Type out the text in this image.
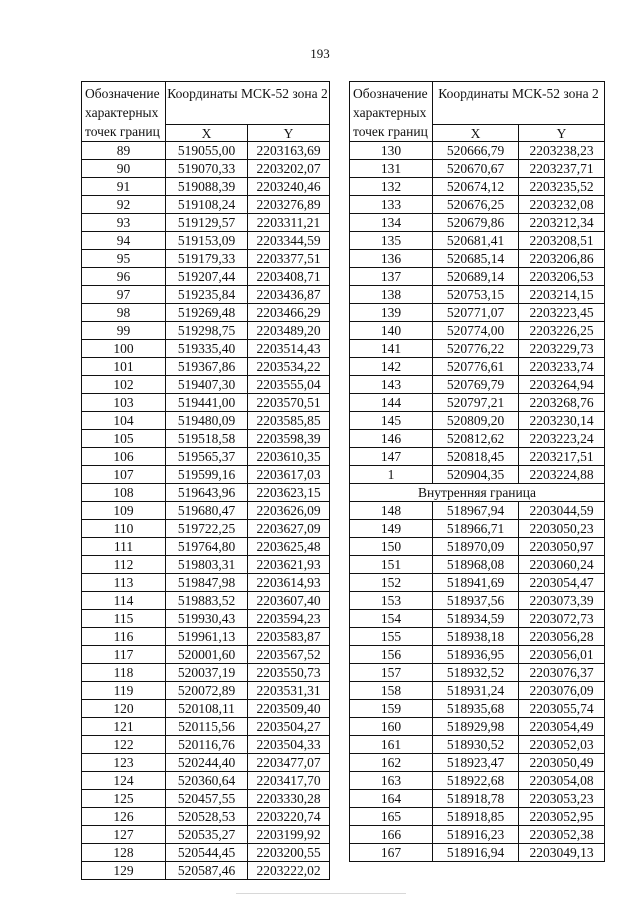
193
Обозначение характерных точек границ	Координаты МСК-52 зона 2	
	X	Y
89	519055,00	2203163,69
90	519070,33	2203202,07
91	519088,39	2203240,46
92	519108,24	2203276,89
93	519129,57	2203311,21
94	519153,09	2203344,59
95	519179,33	2203377,51
96	519207,44	2203408,71
97	519235,84	2203436,87
98	519269,48	2203466,29
99	519298,75	2203489,20
100	519335,40	2203514,43
101	519367,86	2203534,22
102	519407,30	2203555,04
103	519441,00	2203570,51
104	519480,09	2203585,85
105	519518,58	2203598,39
106	519565,37	2203610,35
107	519599,16	2203617,03
108	519643,96	2203623,15
109	519680,47	2203626,09
110	519722,25	2203627,09
111	519764,80	2203625,48
112	519803,31	2203621,93
113	519847,98	2203614,93
114	519883,52	2203607,40
115	519930,43	2203594,23
116	519961,13	2203583,87
117	520001,60	2203567,52
118	520037,19	2203550,73
119	520072,89	2203531,31
120	520108,11	2203509,40
121	520115,56	2203504,27
122	520116,76	2203504,33
123	520244,40	2203477,07
124	520360,64	2203417,70
125	520457,55	2203330,28
126	520528,53	2203220,74
127	520535,27	2203199,92
128	520544,45	2203200,55
129	520587,46	2203222,02
Обозначение характерных точек границ	Координаты МСК-52 зона 2	
	X	Y
130	520666,79	2203238,23
131	520670,67	2203237,71
132	520674,12	2203235,52
133	520676,25	2203232,08
134	520679,86	2203212,34
135	520681,41	2203208,51
136	520685,14	2203206,86
137	520689,14	2203206,53
138	520753,15	2203214,15
139	520771,07	2203223,45
140	520774,00	2203226,25
141	520776,22	2203229,73
142	520776,61	2203233,74
143	520769,79	2203264,94
144	520797,21	2203268,76
145	520809,20	2203230,14
146	520812,62	2203223,24
147	520818,45	2203217,51
1	520904,35	2203224,88
Внутренняя граница		
148	518967,94	2203044,59
149	518966,71	2203050,23
150	518970,09	2203050,97
151	518968,08	2203060,24
152	518941,69	2203054,47
153	518937,56	2203073,39
154	518934,59	2203072,73
155	518938,18	2203056,28
156	518936,95	2203056,01
157	518932,52	2203076,37
158	518931,24	2203076,09
159	518935,68	2203055,74
160	518929,98	2203054,49
161	518930,52	2203052,03
162	518923,47	2203050,49
163	518922,68	2203054,08
164	518918,78	2203053,23
165	518918,85	2203052,95
166	518916,23	2203052,38
167	518916,94	2203049,13
